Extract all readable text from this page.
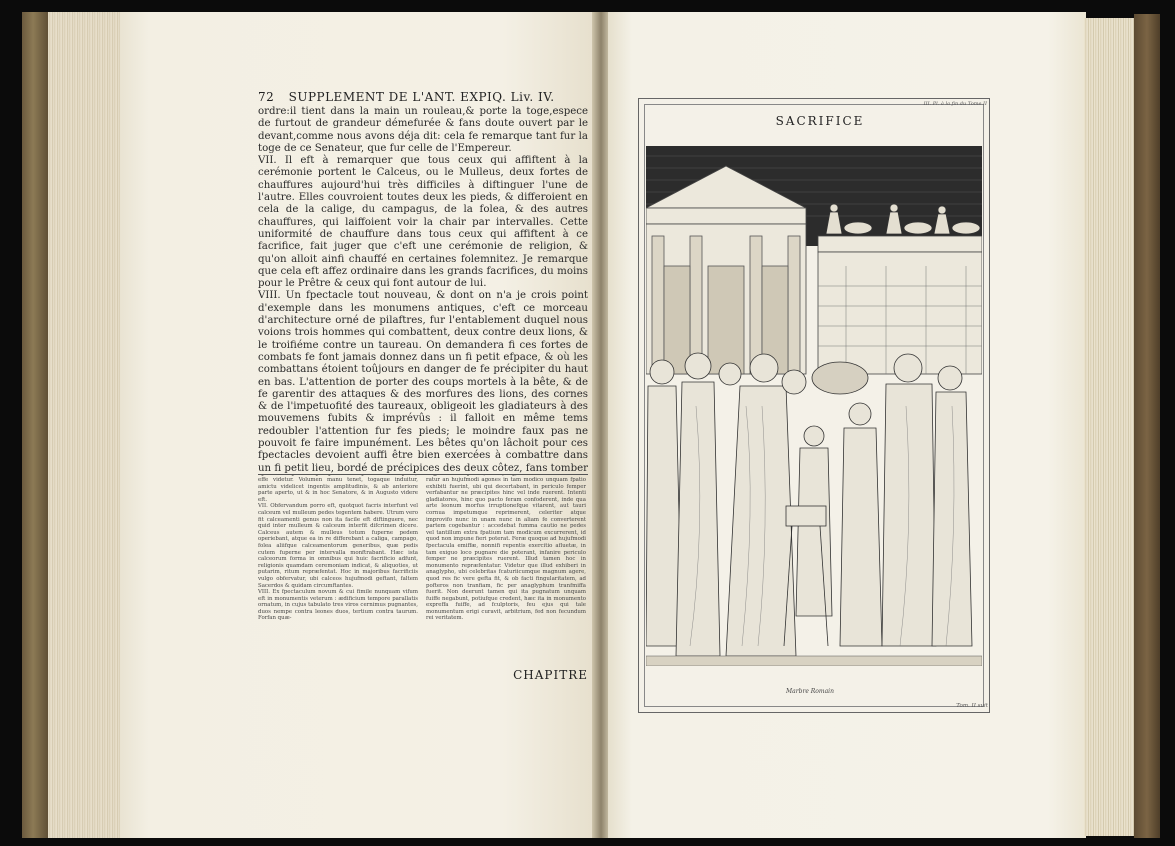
72 SUPPLEMENT DE L'ANT. EXPIQ. Liv. IV.

ordre:il tient dans la main un rouleau,& porte la toge,espece de furtout de grandeur démefurée & fans doute ouvert par le devant,comme nous avons déja dit: cela fe remarque tant fur la toge de ce Senateur, que fur celle de l'Empereur.

VII. Il eft à remarquer que tous ceux qui affiftent à la cerémonie portent le Calceus, ou le Mulleus, deux fortes de chauffures aujourd'hui très difficiles à diftinguer l'une de l'autre. Elles couvroient toutes deux les pieds, & differoient en cela de la calige, du campagus, de la folea, & des autres chauffures, qui laiffoient voir la chair par intervalles. Cette uniformité de chauffure dans tous ceux qui affiftent à ce facrifice, fait juger que c'eft une cerémonie de religion, & qu'on alloit ainfi chauffé en certaines folemnitez. Je remarque que cela eft affez ordinaire dans les grands facrifices, du moins pour le Prêtre & ceux qui font autour de lui.

VIII. Un fpectacle tout nouveau, & dont on n'a je crois point d'exemple dans les monumens antiques, c'eft ce morceau d'architecture orné de pilaftres, fur l'entablement duquel nous voions trois hommes qui combattent, deux contre deux lions, & le troifiéme contre un taureau. On demandera fi ces fortes de combats fe font jamais donnez dans un fi petit efpace, & où les combattans étoient toûjours en danger de fe précipiter du haut en bas. L'attention de porter des coups mortels à la bête, & de fe garentir des attaques & des morfures des lions, des cornes & de l'impetuofité des taureaux, obligeoit les gladiateurs à des mouvemens fubits & imprévûs : il falloit en même tems redoubler l'attention fur fes pieds; le moindre faux pas ne pouvoit fe faire impunément. Les bêtes qu'on lâchoit pour ces fpectacles devoient auffi être bien exercées à combattre dans un fi petit lieu, bordé de précipices des deux côtez, fans tomber

effe videtur. Volumen manu tenet, togaque induitur, amictu videlicet ingentis amplitudinis, & ab anteriore parte aperto, ut & in hoc Senatore, & in Augusto videre eft.

VII. Obfervandum porro eft, quotquot facris interfunt vel calceum vel mulleum pedes tegentem habere. Utrum vero fit calceamenti genus non ita facile eft diftinguere, nec quid inter mulleum & calceum interfit difcrimen dicere. Calceus autem & mulleus totum fuperne pedem operiebant, atque ea in re differebant a caliga, campago, folea aliifque calceamentorum generibus, quæ pedis cutem fuperne per intervalla monftrabant. Hæc ista calceorum forma in omnibus qui huic facrificio adfunt, religionis quamdam ceremoniam indicat, & aliquoties, ut putarim, ritum repræfentat. Hoc in majoribus facrificiis vulgo obfervatur, ubi calceos hujufmodi geftant, faltem Sacerdos & quidam circumftantes.

VIII. Ex fpectaculum novum & cui fimile nunquam vifum eft in monumentis veterum : ædificium tempore parallatis ornatum, in cujus tabulato tres viros cernimus pugnantes, duos nempe contra leones duos, tertium contra taurum. Forfan quæ-

ratur an hujufmodi agones in tam modico unquam fpatio exhibiti fuerint, ubi qui decertabant, in periculo femper verfabantur ne præcipites hinc vel inde ruerent. Intenti gladiatores, hinc quo pacto feram confoderent, inde qua arte leonum morfus irruptionefque vitarent, aut tauri cornua impetumque reprimerent, celeriter atque improvifo nunc in unam nunc in aliam fe converterent partem cogebantur : accedebat fumma cautio ne pedes vel tantillum extra fpatium tam modicum excurrerent, id quod non impune fieri poterat. Feræ quoque ad hujufmodi fpectacula emiffæ, nonnifi repentis exercitio afluetæ, in tam exiguo loco pugnare die poterant, infanire periculo femper ne præcipites ruerent. Illud tamen hoc in monumento repræfentatur. Videtur que illud exhiberi in anaglypho, ubi celebritas fcaturiicumque magnum agere, quod res fic vere gefta fit, & ob facti fingularitatem, ad pofteros non tranfiam, fic per anaglyphum tranfmiffa fuerit. Non deerunt tamen qui ita pugnatum unquam fuiffe negabunt, potiufque credent, hæc ita in monumento expreffa fuiffe, ad fculptoris, feu ejus qui tale monumentum erigi curavit, arbitrium, fed non fecundum rei veritatem.

CHAPITRE
III. Pl. à la fin du Tome II
SACRIFICE
Marbre Romain
Tom. II suit
